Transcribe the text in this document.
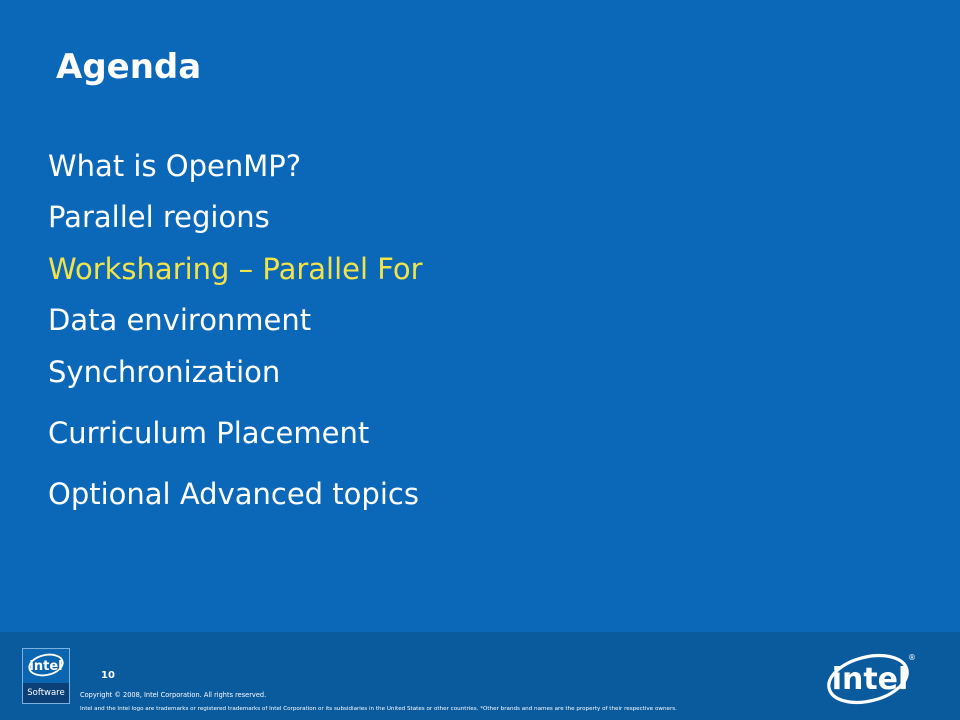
Agenda
What is OpenMP?
Parallel regions
Worksharing – Parallel For
Data environment
Synchronization
Curriculum Placement
Optional Advanced topics
intel
Software
10
Copyright © 2008, Intel Corporation. All rights reserved.
Intel and the Intel logo are trademarks or registered trademarks of Intel Corporation or its subsidiaries in the United States or other countries. *Other brands and names are the property of their respective owners.
intel
®
